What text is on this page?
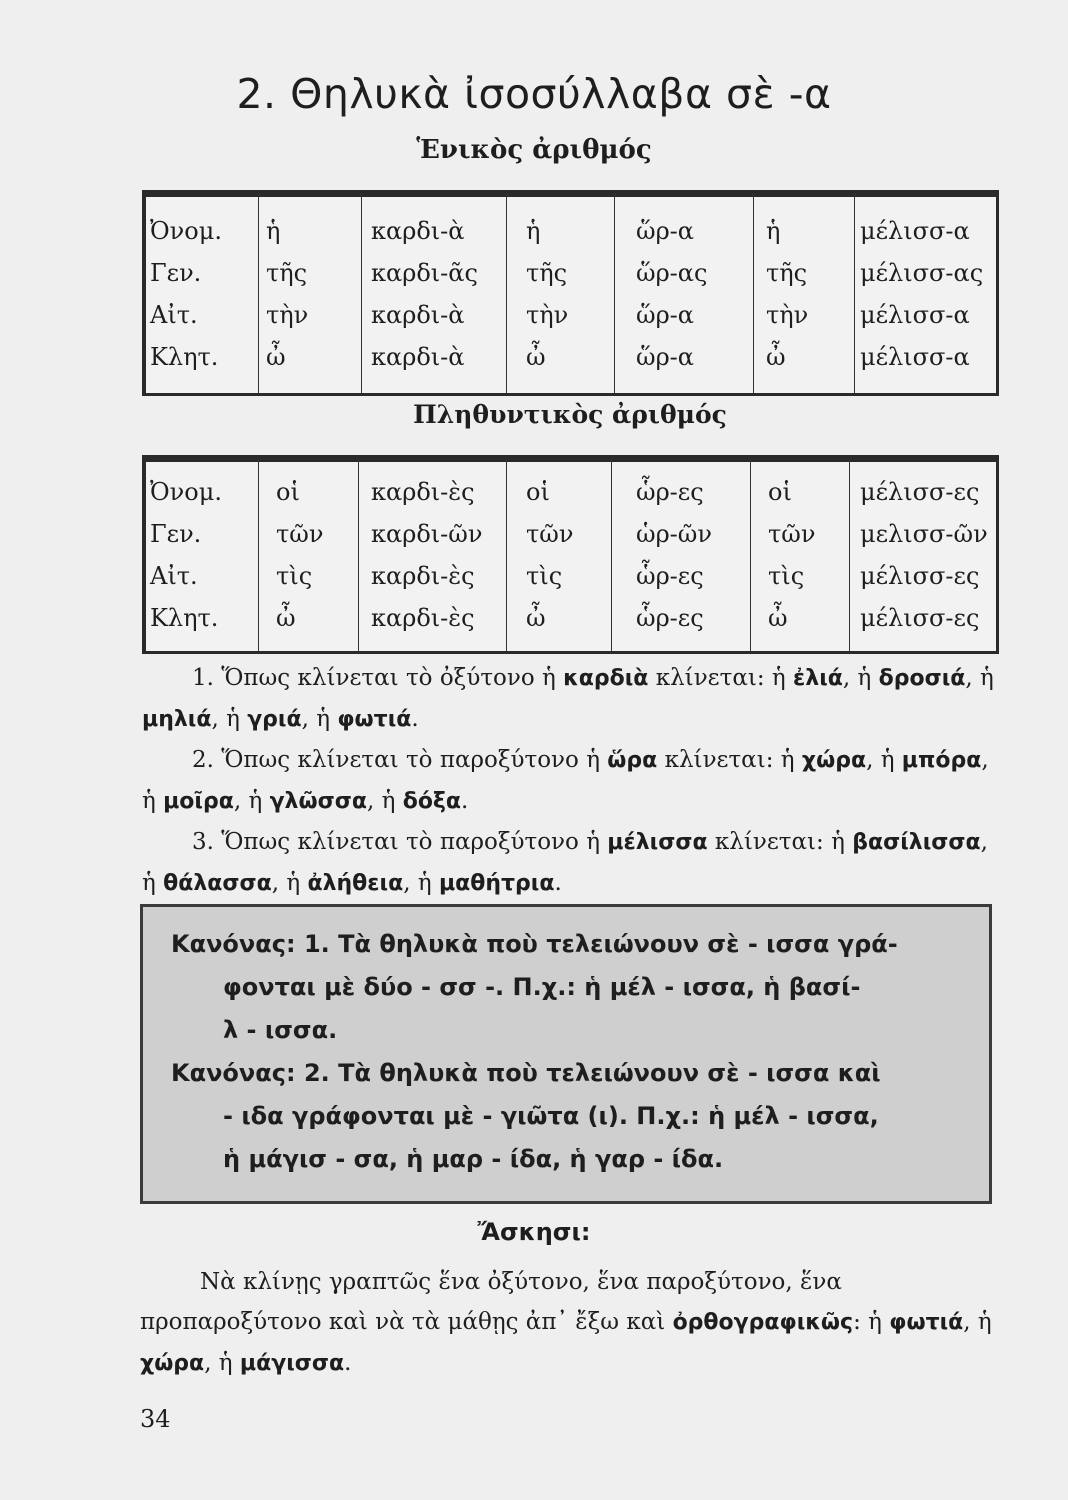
2. Θηλυκὰ ἰσοσύλλαβα σὲ -α
Ἑνικὸς ἀριθμός
Ὀνομ. ἡ	καρδι-ὰ	ἡ	ὥρ-α	ἡ	μέλισσ-α
Γεν.	τῆς	καρδι-ᾶς τῆς	ὥρ-ας τῆς μέλισσ-ας
Αἰτ.	τὴν	καρδι-ὰ	τὴν	ὥρ-α	τὴν μέλισσ-α
Κλητ. ὦ	καρδι-ὰ	ὦ	ὥρ-α	ὦ	μέλισσ-α
Πληθυντικὸς ἀριθμός
Ὀνομ. οἱ	καρδι-ὲς οἱ	ὧρ-ες	οἱ	μέλισσ-ες
Γεν.	τῶν καρδι-ῶν τῶν	ὡρ-ῶν τῶν μελισσ-ῶν
Αἰτ.	τὶς καρδι-ὲς τὶς	ὧρ-ες	τὶς μέλισσ-ες
Κλητ. ὦ	καρδι-ὲς ὦ	ὧρ-ες	ὦ	μέλισσ-ες

1. Ὅπως κλίνεται τὸ ὀξύτονο ἡ καρδιὰ κλίνεται: ἡ ἐλιά, ἡ δροσιά, ἡ μηλιά, ἡ γριά, ἡ φωτιά.

2. Ὅπως κλίνεται τὸ παροξύτονο ἡ ὥρα κλίνεται: ἡ χώρα, ἡ μπόρα, ἡ μοῖρα, ἡ γλῶσσα, ἡ δόξα.

3. Ὅπως κλίνεται τὸ παροξύτονο ἡ μέλισσα κλίνεται: ἡ βασίλισσα, ἡ θάλασσα, ἡ ἀλήθεια, ἡ μαθήτρια.

Κανόνας: 1. Τὰ θηλυκὰ ποὺ τελειώνουν σὲ - ισσα γρά-

φονται μὲ δύο - σσ -. Π.χ.: ἡ μέλ - ισσα, ἡ βασί-

λ - ισσα.

Κανόνας: 2. Τὰ θηλυκὰ ποὺ τελειώνουν σὲ - ισσα καὶ

- ιδα γράφονται μὲ - γιῶτα (ι). Π.χ.: ἡ μέλ - ισσα,

ἡ μάγισ - σα, ἡ μαρ - ίδα, ἡ γαρ - ίδα.

Ἄσκησι:

Νὰ κλίνῃς γραπτῶς ἕνα ὀξύτονο, ἕνα παροξύτονο, ἕνα προπαροξύτονο καὶ νὰ τὰ μάθῃς ἀπ᾿ ἔξω καὶ ὀρθογραφικῶς: ἡ φωτιά, ἡ χώρα, ἡ μάγισσα.

34
